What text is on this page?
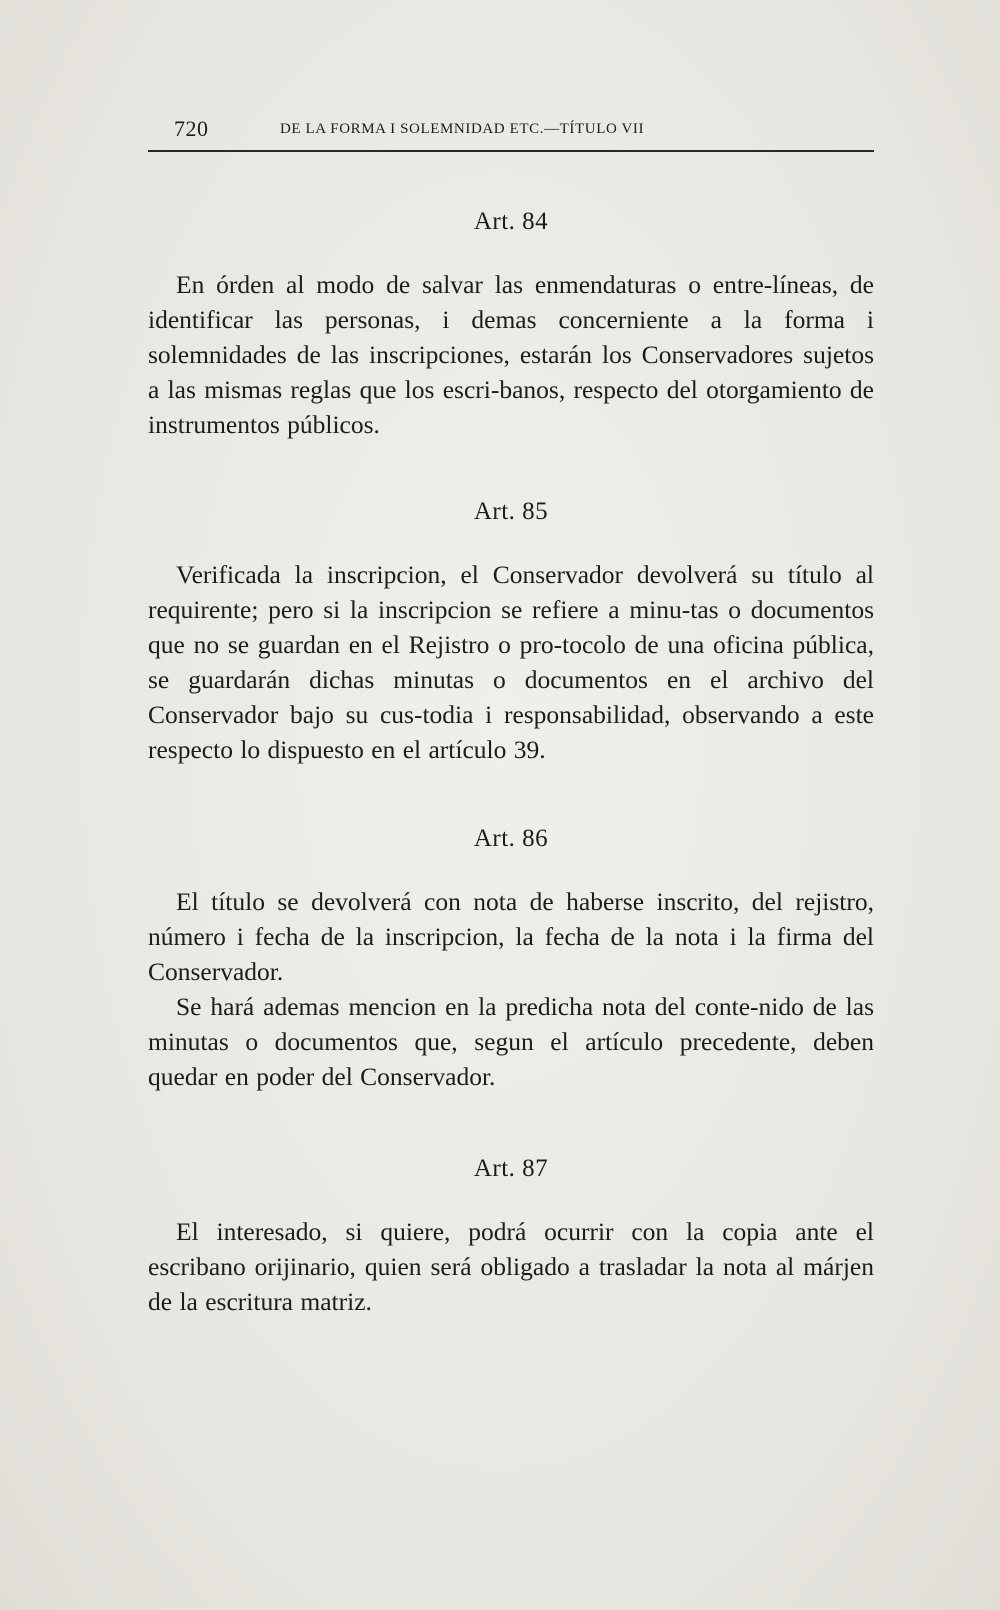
720	DE LA FORMA I SOLEMNIDAD ETC.—TÍTULO VII
Art. 84

En órden al modo de salvar las enmendaturas o entre-líneas, de identificar las personas, i demas concerniente a la forma i solemnidades de las inscripciones, estarán los Conservadores sujetos a las mismas reglas que los escri-banos, respecto del otorgamiento de instrumentos públicos.

Art. 85

Verificada la inscripcion, el Conservador devolverá su título al requirente; pero si la inscripcion se refiere a minu-tas o documentos que no se guardan en el Rejistro o pro-tocolo de una oficina pública, se guardarán dichas minutas o documentos en el archivo del Conservador bajo su cus-todia i responsabilidad, observando a este respecto lo dispuesto en el artículo 39.

Art. 86

El título se devolverá con nota de haberse inscrito, del rejistro, número i fecha de la inscripcion, la fecha de la nota i la firma del Conservador.

Se hará ademas mencion en la predicha nota del conte-nido de las minutas o documentos que, segun el artículo precedente, deben quedar en poder del Conservador.

Art. 87

El interesado, si quiere, podrá ocurrir con la copia ante el escribano orijinario, quien será obligado a trasladar la nota al márjen de la escritura matriz.
